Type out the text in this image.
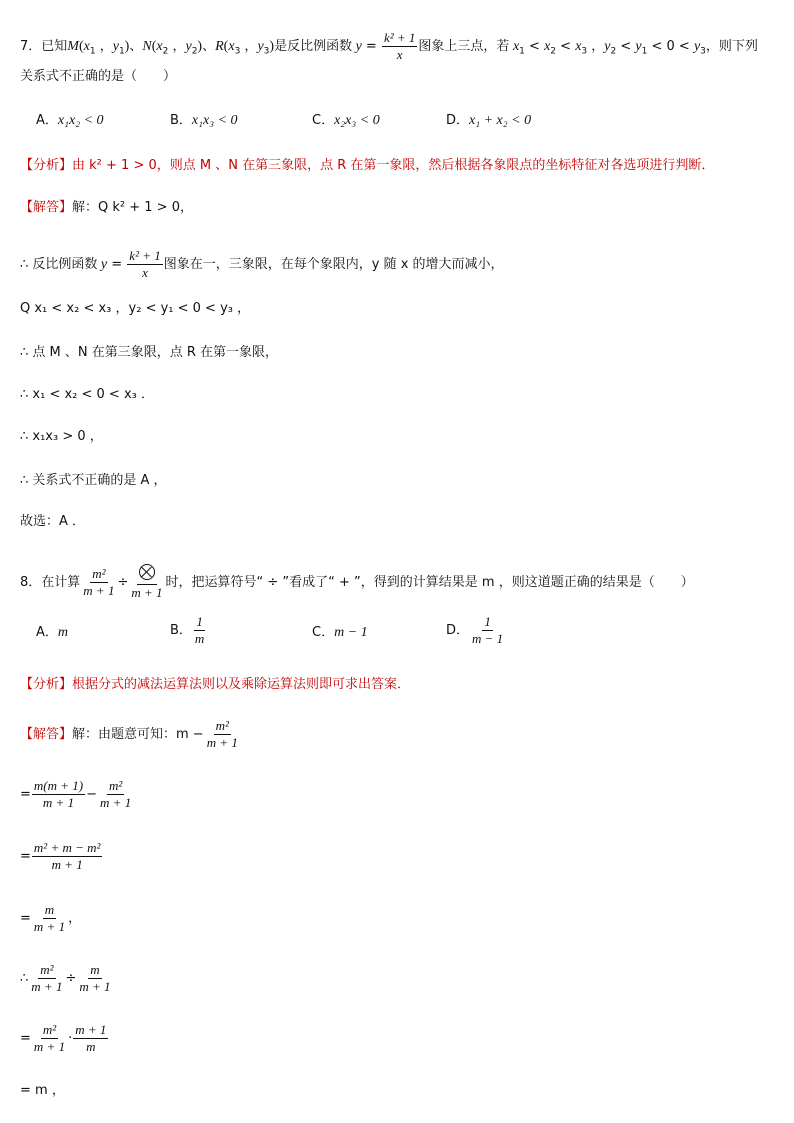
7．已知$M(x_1$ ，$y_1$)、$N(x_2$ ，$y_2$)、$R(x_3$ ，$y_3$)是反比例函数 $y = \frac{\text{k² + 1}}{x}$ 图象上三点，若 $x_1 < x_2 < x_3$ ，$y_2 < y_1 < 0 < y_3$，则下列
关系式不正确的是（　　）
A．x₁x₂ < 0	B．x₁x₃ < 0	C．x₂x₃ < 0	D．x₁ + x₂ < 0
【分析】由 k² + 1 > 0，则点 M 、N 在第三象限，点 R 在第一象限，然后根据各象限点的坐标特征对各选项进行判断．
【解答】解：Q k² + 1 > 0，
∴ 反比例函数 $y = \frac{\text{k² + 1}}{x}$ 图象在一，三象限，在每个象限内，y 随 x 的增大而减小，
Q x₁ < x₂ < x₃ ，y₂ < y₁ < 0 < y₃ ，
∴ 点 M 、N 在第三象限，点 R 在第一象限，
∴ x₁ < x₂ < 0 < x₃ ．
∴ x₁x₃ > 0 ，
∴ 关系式不正确的是 A ，
故选：A ．
8．在计算 $\frac{\text{m²}}{m + 1}$ ÷
m + 1
时，把运算符号“ ÷ ”看成了“ + ”，得到的计算结果是 m ，则这道题正确的结果是（　　）
A．m	B． $\frac{1}{m}$	C．m − 1	D． $\frac{1}{m - 1}$
【分析】根据分式的减法运算法则以及乘除运算法则即可求出答案．
【解答】解：由题意可知：$m - \frac{\text{m²}}{m + 1}$
= $\frac{m(m + 1)}{m + 1} - \frac{\text{m²}}{m + 1}$
= $\frac{\text{m² + m − m²}}{m + 1}$
= $\frac{m}{m + 1}$ ，
∴ $\frac{\text{m²}}{m + 1} \div \frac{m}{m + 1}$
= $\frac{\text{m²}}{m + 1} \cdot \frac{m + 1}{m}$
= m ，
